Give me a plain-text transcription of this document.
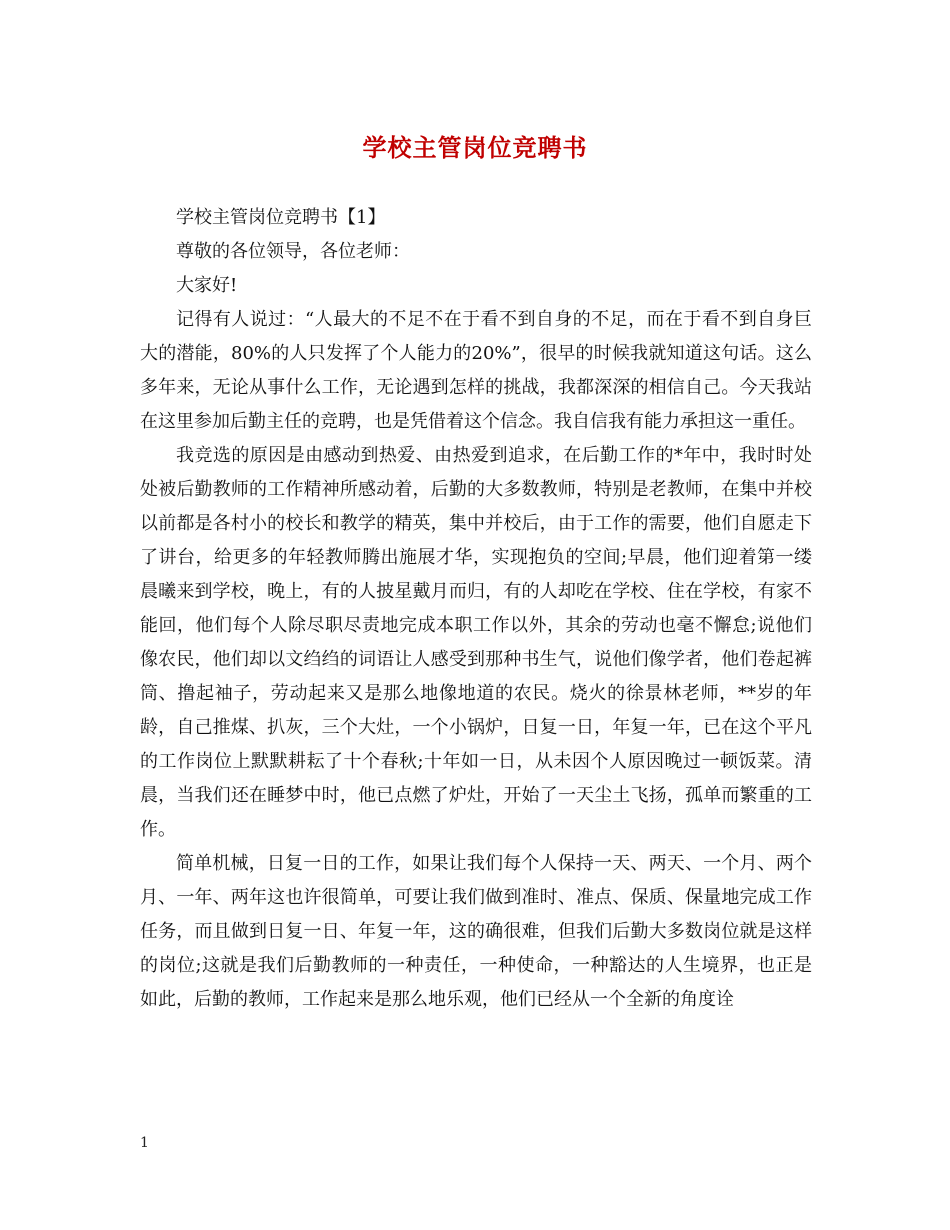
学校主管岗位竞聘书

学校主管岗位竞聘书【1】

尊敬的各位领导，各位老师：

大家好!

记得有人说过：“人最大的不足不在于看不到自身的不足，而在于看不到自身巨大的潜能，80%的人只发挥了个人能力的20%”，很早的时候我就知道这句话。这么多年来，无论从事什么工作，无论遇到怎样的挑战，我都深深的相信自己。今天我站在这里参加后勤主任的竞聘，也是凭借着这个信念。我自信我有能力承担这一重任。

我竞选的原因是由感动到热爱、由热爱到追求，在后勤工作的*年中，我时时处处被后勤教师的工作精神所感动着，后勤的大多数教师，特别是老教师，在集中并校以前都是各村小的校长和教学的精英，集中并校后，由于工作的需要，他们自愿走下了讲台，给更多的年轻教师腾出施展才华，实现抱负的空间;早晨，他们迎着第一缕晨曦来到学校，晚上，有的人披星戴月而归，有的人却吃在学校、住在学校，有家不能回，他们每个人除尽职尽责地完成本职工作以外，其余的劳动也毫不懈怠;说他们像农民，他们却以文绉绉的词语让人感受到那种书生气，说他们像学者，他们卷起裤筒、撸起袖子，劳动起来又是那么地像地道的农民。烧火的徐景林老师，**岁的年龄，自己推煤、扒灰，三个大灶，一个小锅炉，日复一日，年复一年，已在这个平凡的工作岗位上默默耕耘了十个春秋;十年如一日，从未因个人原因晚过一顿饭菜。清晨，当我们还在睡梦中时，他已点燃了炉灶，开始了一天尘土飞扬，孤单而繁重的工作。

简单机械，日复一日的工作，如果让我们每个人保持一天、两天、一个月、两个月、一年、两年这也许很简单，可要让我们做到准时、准点、保质、保量地完成工作任务，而且做到日复一日、年复一年，这的确很难，但我们后勤大多数岗位就是这样的岗位;这就是我们后勤教师的一种责任，一种使命，一种豁达的人生境界，也正是如此，后勤的教师，工作起来是那么地乐观，他们已经从一个全新的角度诠

1
